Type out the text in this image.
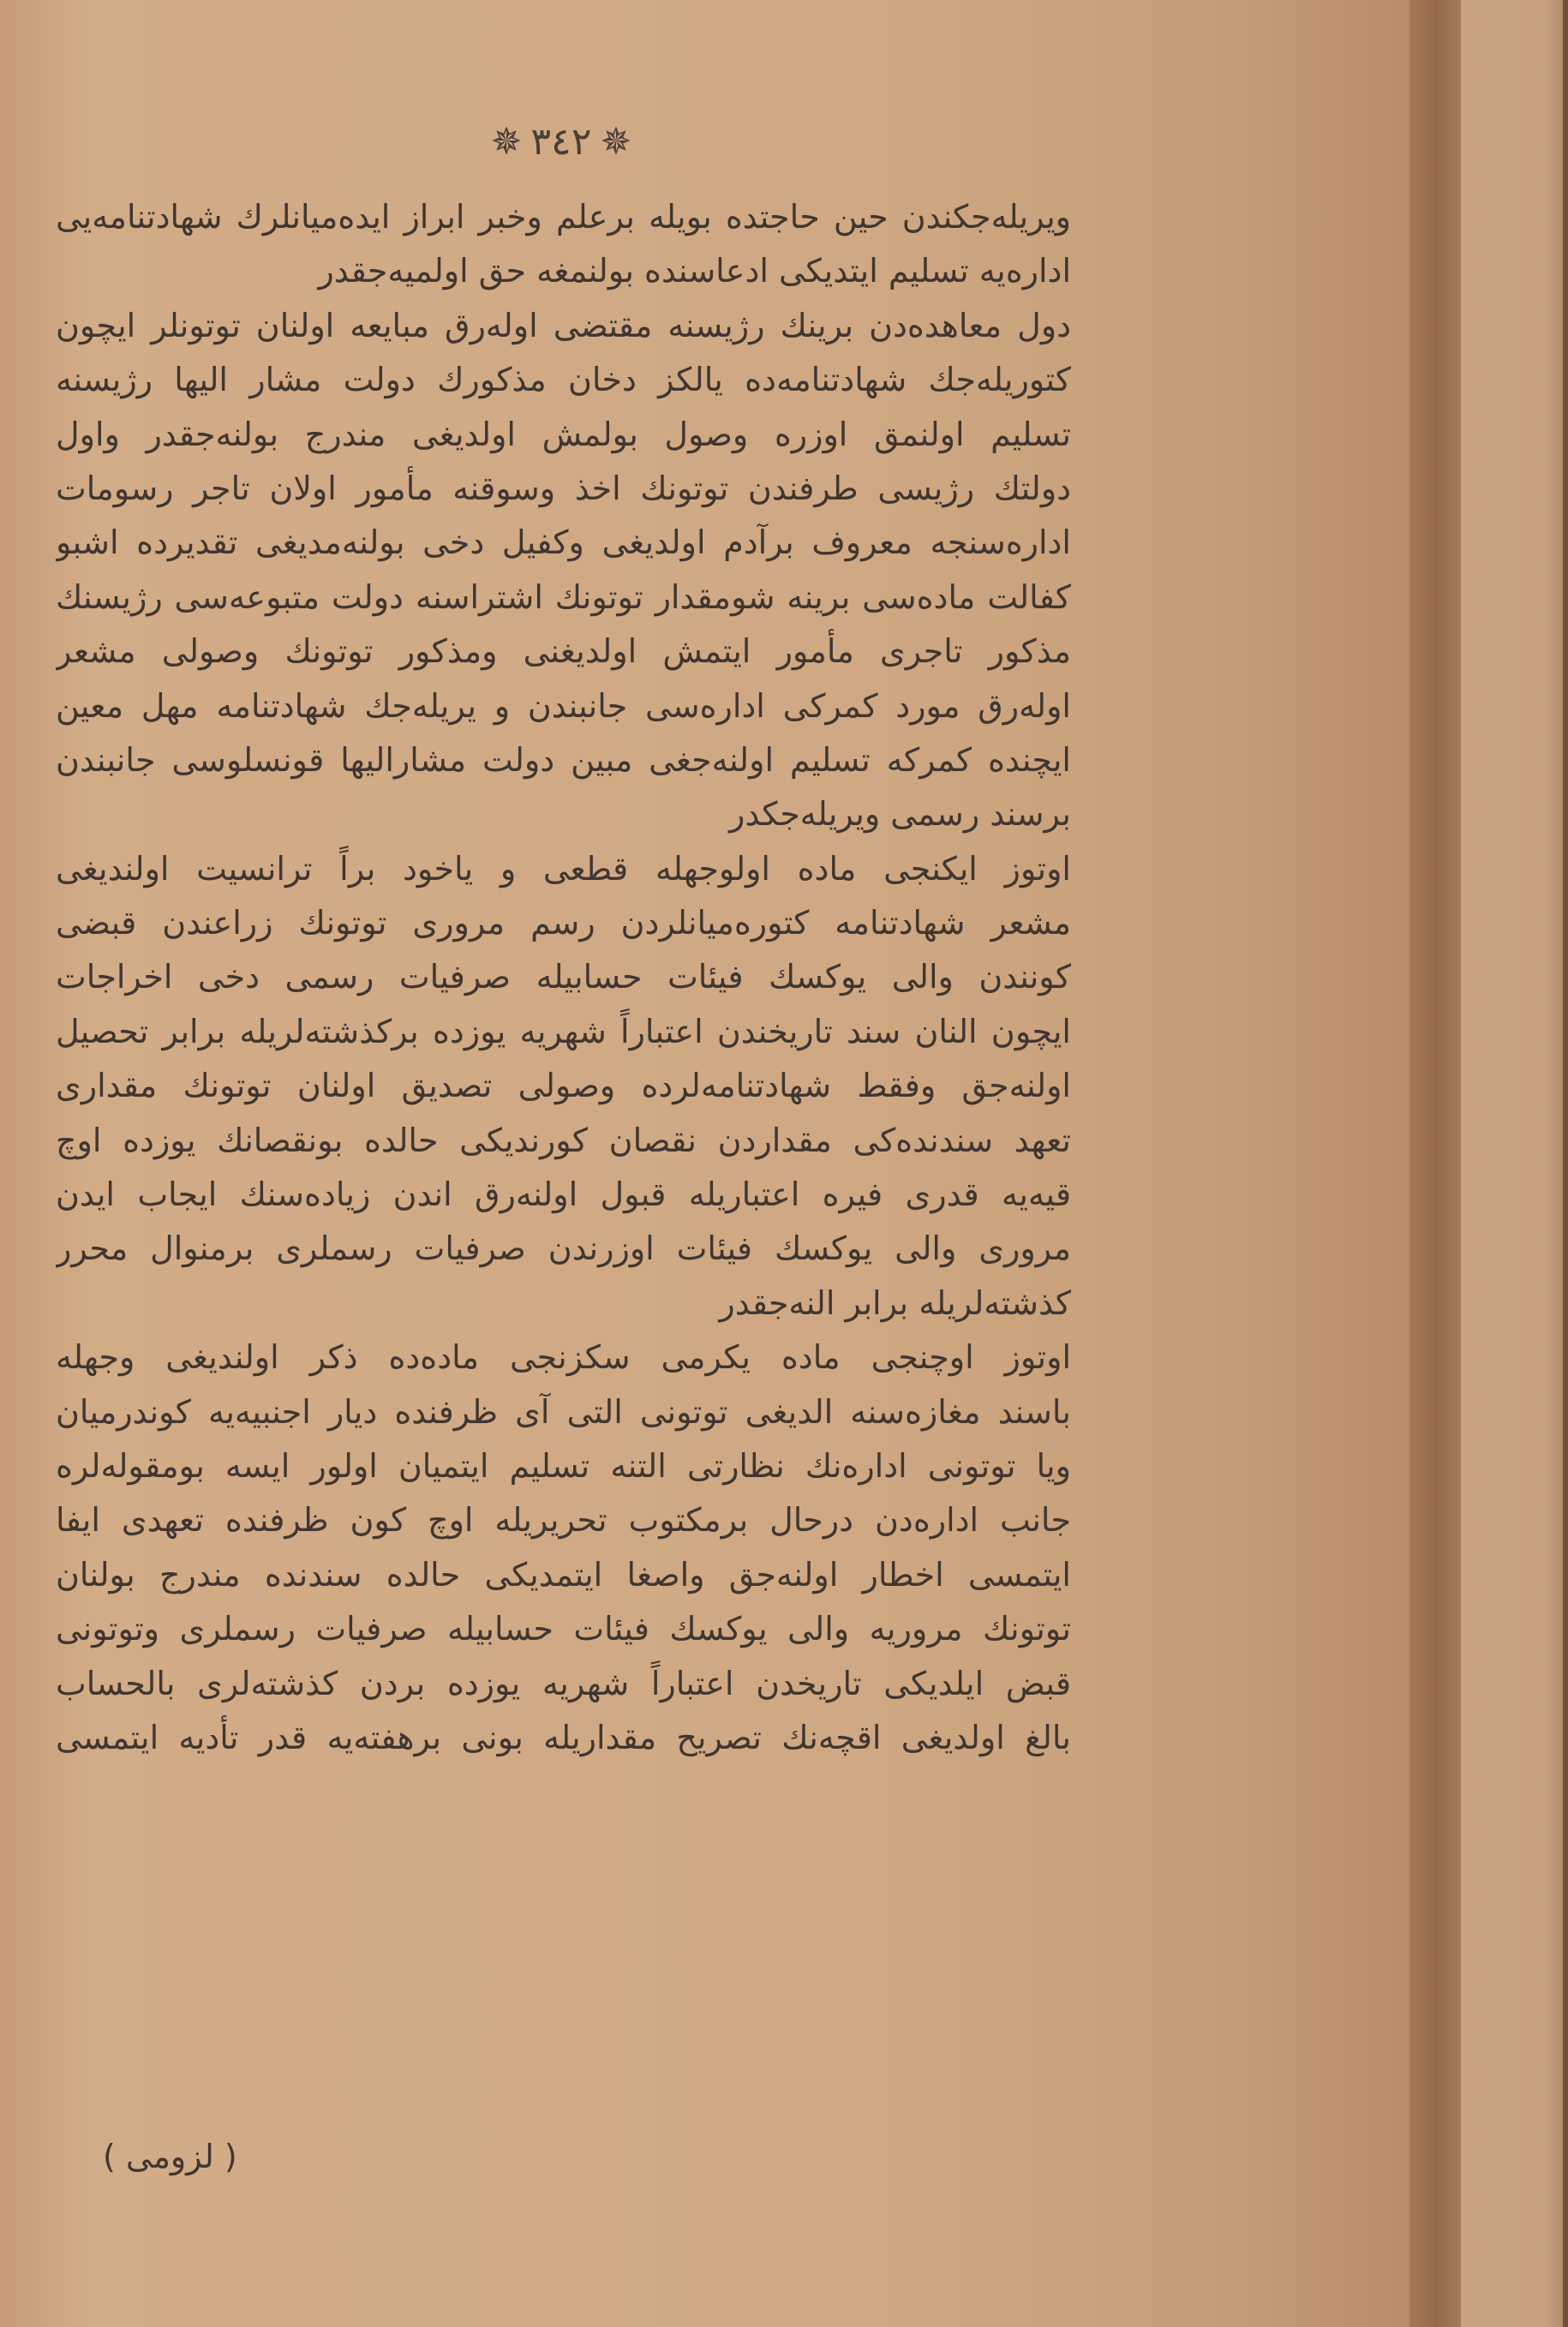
✵
٣٤٢
✵
ویریله‌جکندن حین حاجتده بویله برعلم وخبر ابراز ایده‌میانلرك شهادتنامه‌یی
اداره‌یه تسلیم ایتدیکی ادعاسنده بولنمغه حق اولمیه‌جقدر
دول معاهده‌دن برینك رژیسنه مقتضی اوله‌رق مبایعه اولنان توتونلر ایچون
کتوریله‌جك شهادتنامه‌ده یالکز دخان مذکورك دولت مشار الیها رژیسنه
تسلیم اولنمق اوزره وصول بولمش اولدیغی مندرج بولنه‌جقدر واول
دولتك رژیسی طرفندن توتونك اخذ وسوقنه مأمور اولان تاجر رسومات
اداره‌سنجه معروف برآدم اولدیغی وکفیل دخی بولنه‌مدیغی تقدیرده اشبو
کفالت ماده‌سی برینه شومقدار توتونك اشتراسنه دولت متبوعه‌سی رژیسنك
مذکور تاجری مأمور ایتمش اولدیغنی ومذکور توتونك وصولی مشعر
اوله‌رق مورد کمرکی اداره‌سی جانبندن و یریله‌جك شهادتنامه مهل معین
ایچنده کمرکه تسلیم اولنه‌جغی مبین دولت مشارالیها قونسلوسی جانبندن
برسند رسمی ویریله‌جکدر
اوتوز ایکنجی ماده اولوجهله قطعی و یاخود براً ترانسیت اولندیغی
مشعر شهادتنامه کتوره‌میانلردن رسم مروری توتونك زراعندن قبضی
کونندن والی یوکسك فیئات حسابیله صرفیات رسمی دخی اخراجات
ایچون النان سند تاریخندن اعتباراً شهریه یوزده برکذشته‌لریله برابر تحصیل
اولنه‌جق وفقط شهادتنامه‌لرده وصولی تصدیق اولنان توتونك مقداری
تعهد سندنده‌کی مقداردن نقصان کورندیکی حالده بونقصانك یوزده اوچ
قیه‌یه قدری فیره اعتباریله قبول اولنه‌رق اندن زیاده‌سنك ایجاب ایدن
مروری والی یوکسك فیئات اوزرندن صرفیات رسملری برمنوال محرر
کذشته‌لریله برابر النه‌جقدر
اوتوز اوچنجی ماده یکرمی سکزنجی ماده‌ده ذکر اولندیغی وجهله
باسند مغازه‌سنه الدیغی توتونی التی آی ظرفنده دیار اجنبیه‌یه کوندرمیان
ویا توتونی اداره‌نك نظارتی التنه تسلیم ایتمیان اولور ایسه بومقوله‌لره
جانب اداره‌دن درحال برمکتوب تحریریله اوچ کون ظرفنده تعهدی ایفا
ایتمسی اخطار اولنه‌جق واصغا ایتمدیکی حالده سندنده مندرج بولنان
توتونك مروریه والی یوکسك فیئات حسابیله صرفیات رسملری وتوتونی
قبض ایلدیکی تاریخدن اعتباراً شهریه یوزده بردن کذشته‌لری بالحساب
بالغ اولدیغی اقچه‌نك تصریح مقداریله بونی برهفته‌یه قدر تأدیه ایتمسی
( لزومی )
